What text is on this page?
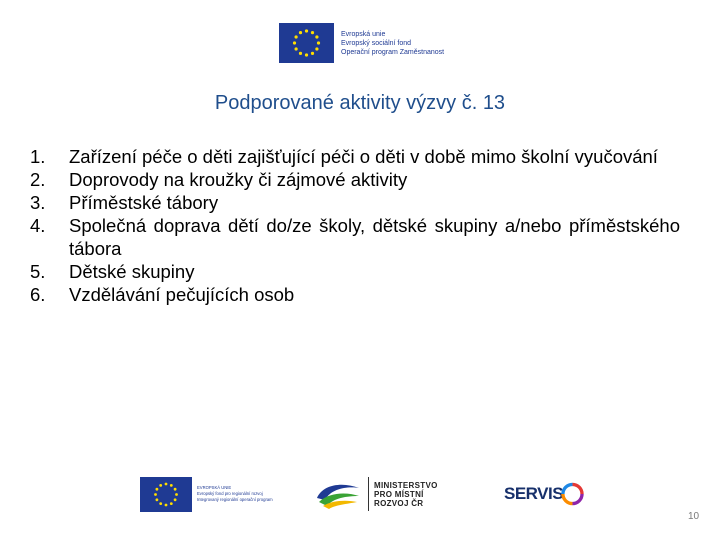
Evropská unie
Evropský sociální fond
Operační program Zaměstnanost
Podporované aktivity výzvy č. 13
1.	Zařízení péče o děti zajišťující péči o děti v době mimo školní vyučování
2.	Doprovody na kroužky či zájmové aktivity
3.	Příměstské tábory
4.	Společná doprava dětí do/ze školy, dětské skupiny a/nebo příměstského tábora
5.	Dětské skupiny
6.	Vzdělávání pečujících osob
EVROPSKÁ UNIE
Evropský fond pro regionální rozvoj
Integrovaný regionální operační program
MINISTERSTVO
PRO MÍSTNÍ
ROZVOJ ČR	SERVIS
10
